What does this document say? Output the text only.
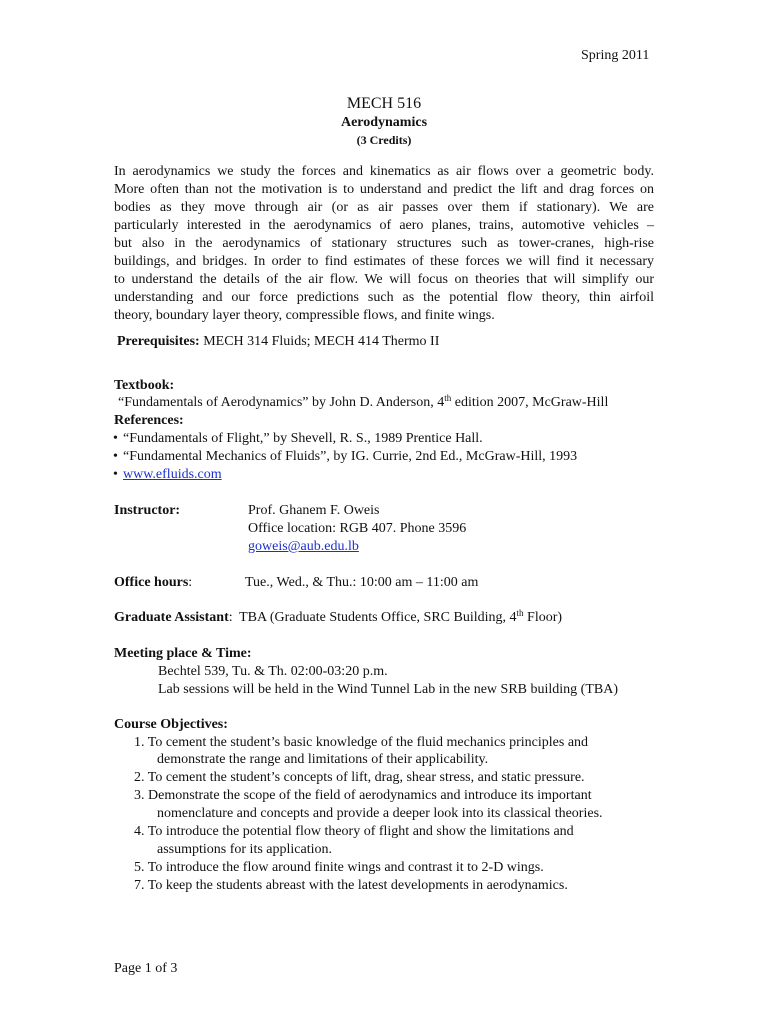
Spring 2011
MECH 516
Aerodynamics
(3 Credits)
In aerodynamics we study the forces and kinematics as air flows over a geometric body.
More often than not the motivation is to understand and predict the lift and drag forces on
bodies as they move through air (or as air passes over them if stationary). We are
particularly interested in the aerodynamics of aero planes, trains, automotive vehicles –
but also in the aerodynamics of stationary structures such as tower-cranes, high-rise
buildings, and bridges. In order to find estimates of these forces we will find it necessary
to understand the details of the air flow. We will focus on theories that will simplify our
understanding and our force predictions such as the potential flow theory, thin airfoil
theory, boundary layer theory, compressible flows, and finite wings.
Prerequisites: MECH 314 Fluids; MECH 414 Thermo II
Textbook:
“Fundamentals of Aerodynamics” by John D. Anderson, 4th edition 2007, McGraw-Hill
References:
• “Fundamentals of Flight,” by Shevell, R. S., 1989 Prentice Hall.
• “Fundamental Mechanics of Fluids”, by IG. Currie, 2nd Ed., McGraw-Hill, 1993
• www.efluids.com
Instructor:	Prof. Ghanem F. Oweis
Office location: RGB 407. Phone 3596
goweis@aub.edu.lb
Office hours:	Tue., Wed., & Thu.: 10:00 am – 11:00 am
Graduate Assistant: TBA (Graduate Students Office, SRC Building, 4th Floor)
Meeting place & Time:
Bechtel 539, Tu. & Th. 02:00-03:20 p.m.
Lab sessions will be held in the Wind Tunnel Lab in the new SRB building (TBA)
Course Objectives:
1. To cement the student’s basic knowledge of the fluid mechanics principles and
demonstrate the range and limitations of their applicability.
2. To cement the student’s concepts of lift, drag, shear stress, and static pressure.
3. Demonstrate the scope of the field of aerodynamics and introduce its important
nomenclature and concepts and provide a deeper look into its classical theories.
4. To introduce the potential flow theory of flight and show the limitations and
assumptions for its application.
5. To introduce the flow around finite wings and contrast it to 2-D wings.
7. To keep the students abreast with the latest developments in aerodynamics.
Page 1 of 3
